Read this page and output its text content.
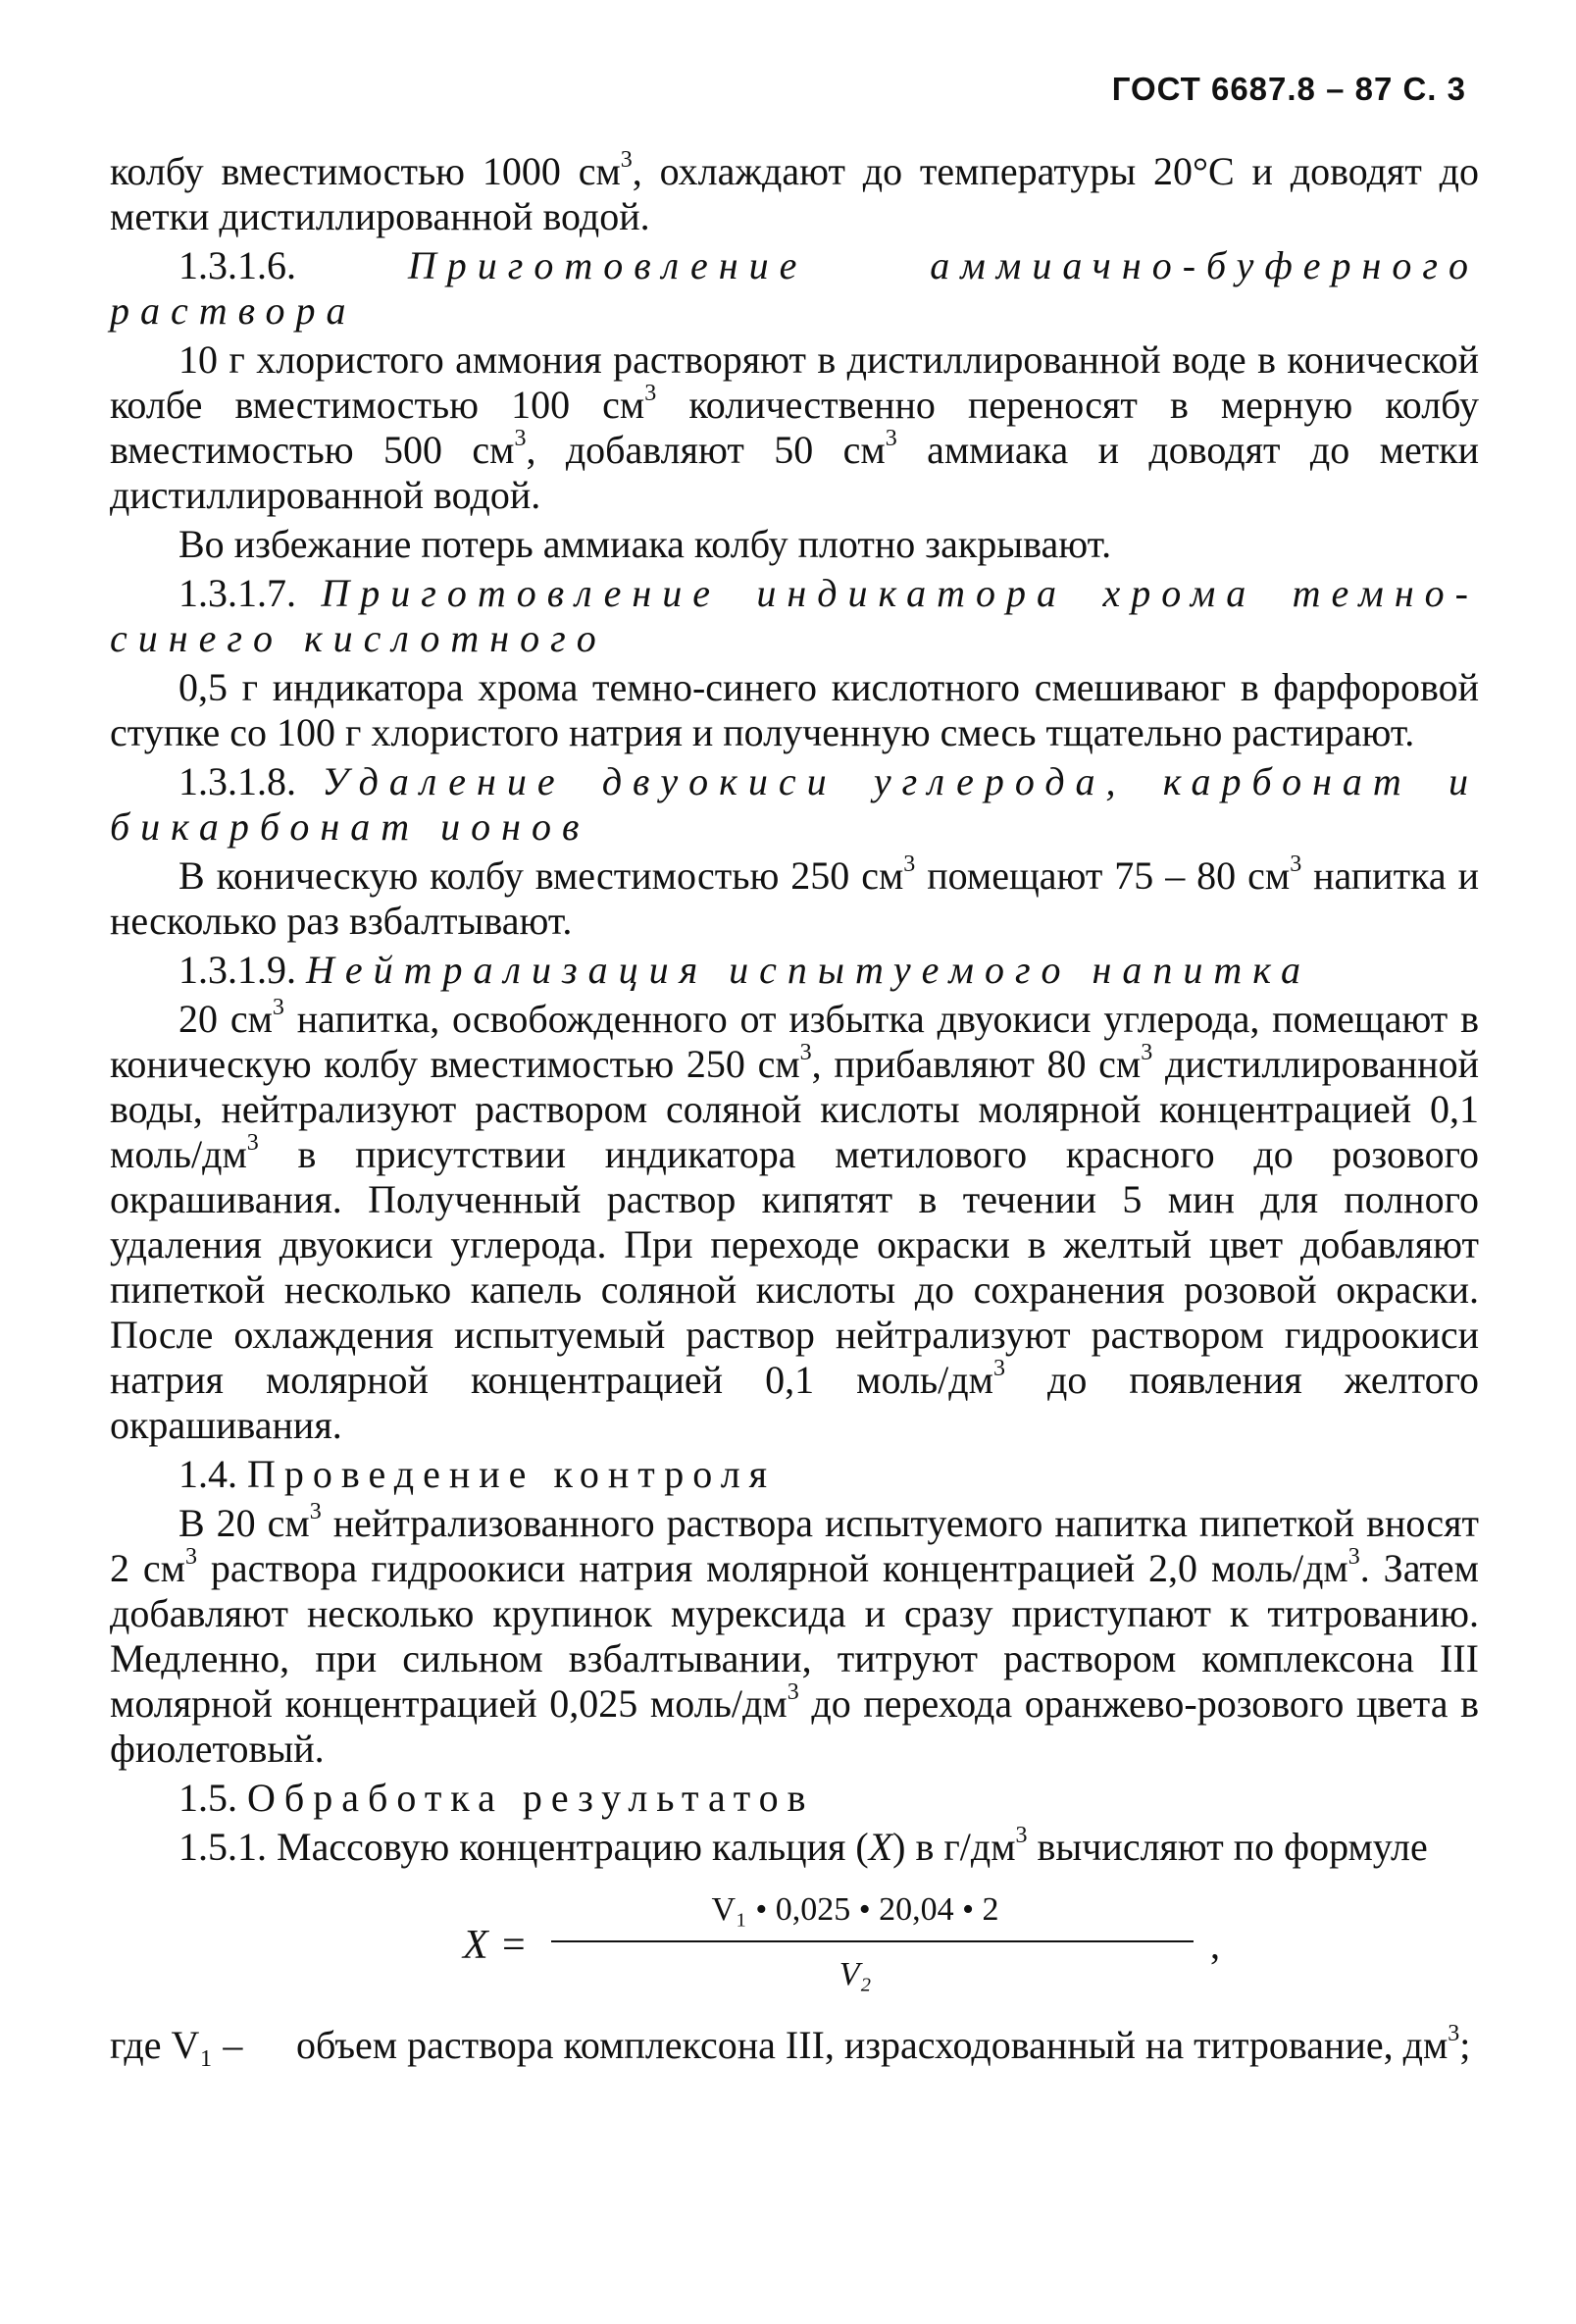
ГОСТ 6687.8 – 87 С. 3

колбу вместимостью 1000 $см^3$, охлаждают до температуры 20°С и доводят до метки дистиллированной водой.

1.3.1.6.	Приготовление аммиачно-буферного раствора

10 г хлористого аммония растворяют в дистиллированной воде в конической колбе вместимостью 100 $см^3$ количественно переносят в мерную колбу вместимостью 500 $см^3$, добавляют 50 $см^3$ аммиака и доводят до метки дистиллированной водой.

Во избежание потерь аммиака колбу плотно закрывают.

1.3.1.7. Приготовление индикатора хрома темно-синего кислотного

0,5 г индикатора хрома темно-синего кислотного смешиваюг в фарфоровой ступке со 100 г хлористого натрия и полученную смесь тщательно растирают.

1.3.1.8. Удаление двуокиси углерода, карбонат и бикарбонат ионов

В коническую колбу вместимостью 250 $см^3$ помещают 75 – 80 $см^3$ напитка и несколько раз взбалтывают.

1.3.1.9. Нейтрализация испытуемого напитка

20 $см^3$ напитка, освобожденного от избытка двуокиси углерода, помещают в коническую колбу вместимостью 250 $см^3$, прибавляют 80 $см^3$ дистиллированной воды, нейтрализуют раствором соляной кислоты молярной концентрацией 0,1 моль/$дм^3$ в присутствии индикатора метилового красного до розового окрашивания. Полученный раствор кипятят в течении 5 мин для полного удаления двуокиси углерода. При переходе окраски в желтый цвет добавляют пипеткой несколько капель соляной кислоты до сохранения розовой окраски. После охлаждения испытуемый раствор нейтрализуют раствором гидроокиси натрия молярной концентрацией 0,1 моль/$дм^3$ до появления желтого окрашивания.

1.4. Проведение контроля

В 20 $см^3$ нейтрализованного раствора испытуемого напитка пипеткой вносят 2 $см^3$ раствора гидроокиси натрия молярной концентрацией 2,0 моль/$дм^3$. Затем добавляют несколько крупинок мурексида и сразу приступают к титрованию. Медленно, при сильном взбалтывании, титруют раствором комплексона III молярной концентрацией 0,025 моль/$дм^3$ до перехода оранжево-розового цвета в фиолетовый.

1.5. Обработка результатов

1.5.1. Массовую концентрацию кальция (X) в $г/дм^3$ вычисляют по формуле

X =
V₁ • 0,025 • 20,04 • 2
V₂
,
где V₁ –	объем раствора комплексона III, израсходованный на титрование, $дм^3$;
